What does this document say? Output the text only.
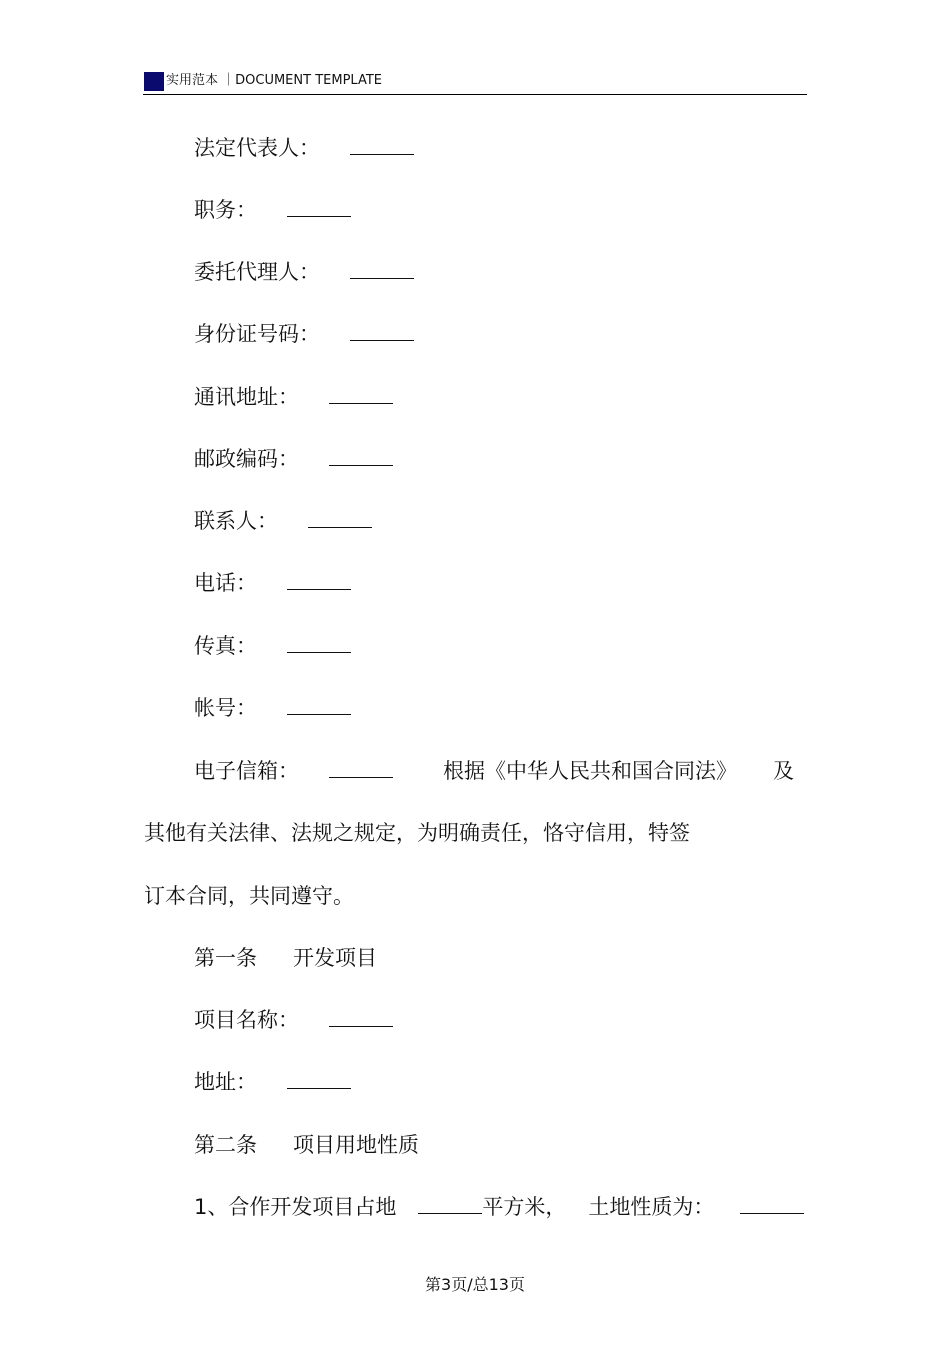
实用范本 ｜DOCUMENT TEMPLATE
法定代表人：
职务：
委托代理人：
身份证号码：
通讯地址：
邮政编码：
联系人：
电话：
传真：
帐号：
电子信箱：	根据《中华人民共和国合同法》 及
其他有关法律、法规之规定，为明确责任，恪守信用，特签
订本合同，共同遵守。
第一条 开发项目
项目名称：
地址：
第二条 项目用地性质
1、合作开发项目占地	平方米， 土地性质为：
第3页/总13页
